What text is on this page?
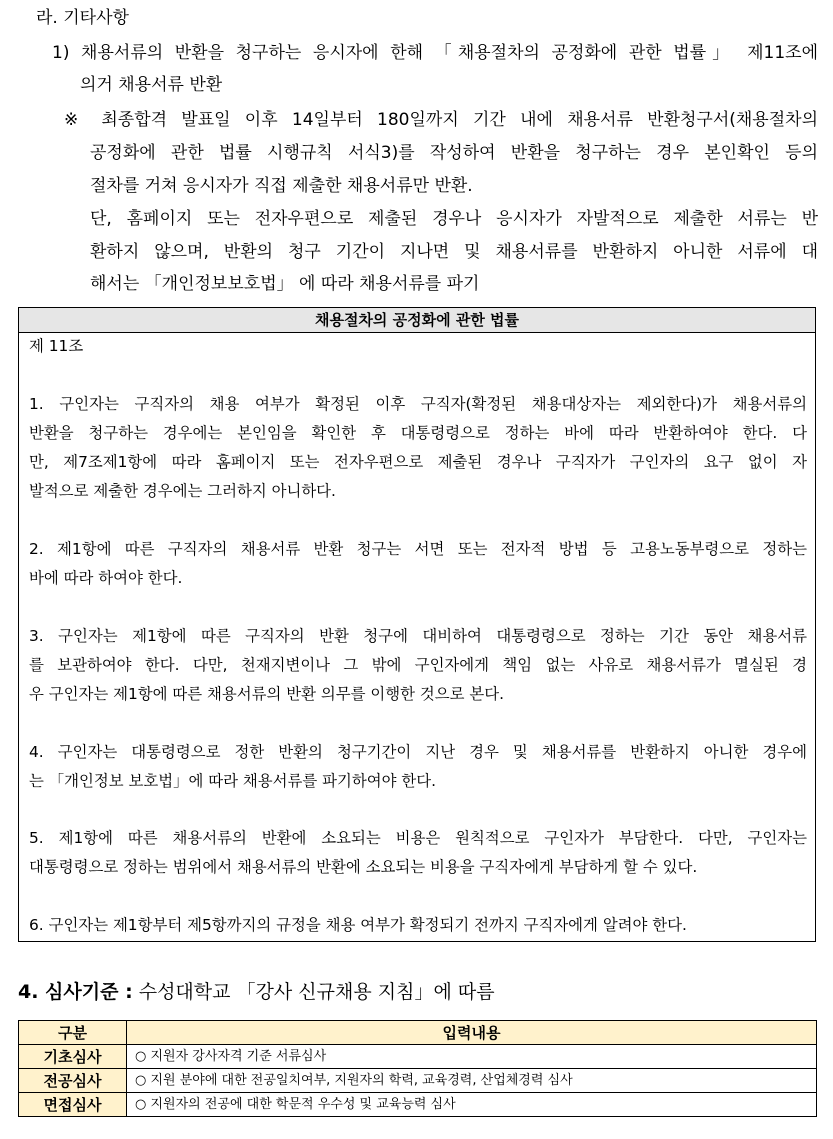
라. 기타사항
1) 채용서류의 반환을 청구하는 응시자에 한해 「채용절차의 공정화에 관한 법률」 제11조에
의거 채용서류 반환
※ 최종합격 발표일 이후 14일부터 180일까지 기간 내에 채용서류 반환청구서(채용절차의
공정화에 관한 법률 시행규칙 서식3)를 작성하여 반환을 청구하는 경우 본인확인 등의
절차를 거쳐 응시자가 직접 제출한 채용서류만 반환.
단, 홈페이지 또는 전자우편으로 제출된 경우나 응시자가 자발적으로 제출한 서류는 반
환하지 않으며, 반환의 청구 기간이 지나면 및 채용서류를 반환하지 아니한 서류에 대
해서는 「개인정보보호법」 에 따라 채용서류를 파기
채용절차의 공정화에 관한 법률
제 11조
1. 구인자는 구직자의 채용 여부가 확정된 이후 구직자(확정된 채용대상자는 제외한다)가 채용서류의
반환을 청구하는 경우에는 본인임을 확인한 후 대통령령으로 정하는 바에 따라 반환하여야 한다. 다
만, 제7조제1항에 따라 홈페이지 또는 전자우편으로 제출된 경우나 구직자가 구인자의 요구 없이 자
발적으로 제출한 경우에는 그러하지 아니하다.
2. 제1항에 따른 구직자의 채용서류 반환 청구는 서면 또는 전자적 방법 등 고용노동부령으로 정하는
바에 따라 하여야 한다.
3. 구인자는 제1항에 따른 구직자의 반환 청구에 대비하여 대통령령으로 정하는 기간 동안 채용서류
를 보관하여야 한다. 다만, 천재지변이나 그 밖에 구인자에게 책임 없는 사유로 채용서류가 멸실된 경
우 구인자는 제1항에 따른 채용서류의 반환 의무를 이행한 것으로 본다.
4. 구인자는 대통령령으로 정한 반환의 청구기간이 지난 경우 및 채용서류를 반환하지 아니한 경우에
는 「개인정보 보호법」에 따라 채용서류를 파기하여야 한다.
5. 제1항에 따른 채용서류의 반환에 소요되는 비용은 원칙적으로 구인자가 부담한다. 다만, 구인자는
대통령령으로 정하는 범위에서 채용서류의 반환에 소요되는 비용을 구직자에게 부담하게 할 수 있다.
6. 구인자는 제1항부터 제5항까지의 규정을 채용 여부가 확정되기 전까지 구직자에게 알려야 한다.
4. 심사기준 : 수성대학교 「강사 신규채용 지침」에 따름
구분	입력내용
기초심사	○ 지원자 강사자격 기준 서류심사
전공심사	○ 지원 분야에 대한 전공일치여부, 지원자의 학력, 교육경력, 산업체경력 심사
면접심사	○ 지원자의 전공에 대한 학문적 우수성 및 교육능력 심사
